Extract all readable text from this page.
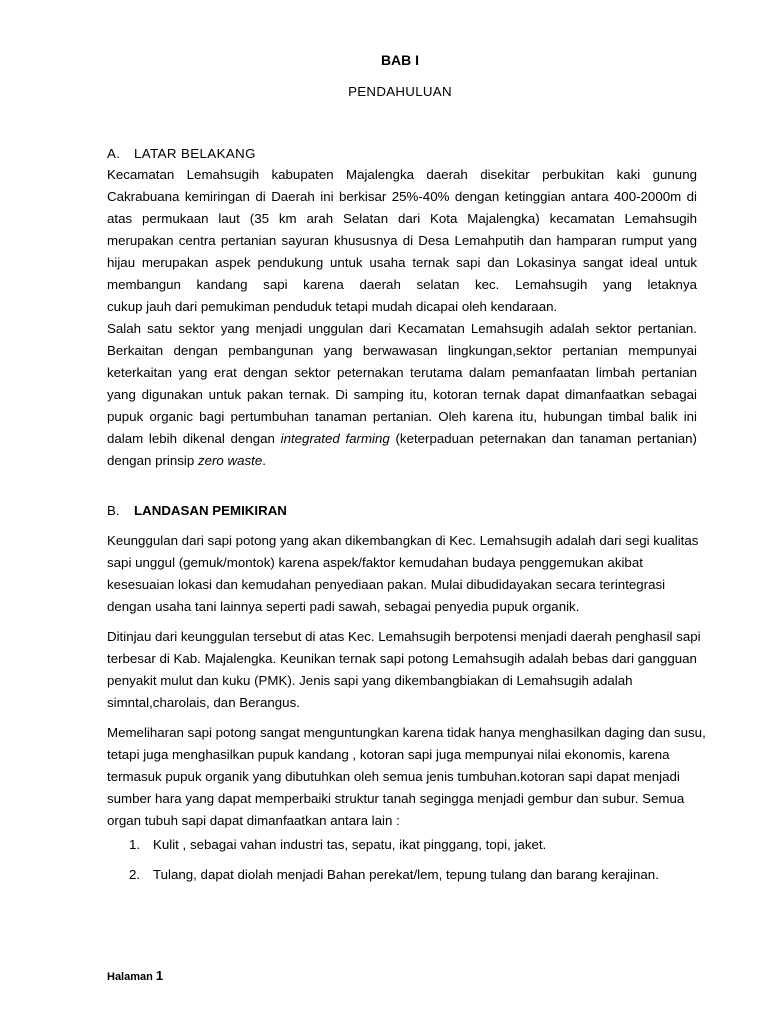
BAB I
PENDAHULUAN
A. LATAR BELAKANG

Kecamatan Lemahsugih kabupaten Majalengka daerah disekitar perbukitan kaki gunung Cakrabuana kemiringan di Daerah ini berkisar 25%-40% dengan ketinggian antara 400-2000m di atas permukaan laut (35 km arah Selatan dari Kota Majalengka) kecamatan Lemahsugih merupakan centra pertanian sayuran khususnya di Desa Lemahputih dan hamparan rumput yang hijau merupakan aspek pendukung untuk usaha ternak sapi dan Lokasinya sangat ideal untuk membangun kandang sapi karena daerah selatan kec. Lemahsugih yang letaknya

cukup jauh dari pemukiman penduduk tetapi mudah dicapai oleh kendaraan.

Salah satu sektor yang menjadi unggulan dari Kecamatan Lemahsugih adalah sektor pertanian. Berkaitan dengan pembangunan yang berwawasan lingkungan,sektor pertanian mempunyai keterkaitan yang erat dengan sektor peternakan terutama dalam pemanfaatan limbah pertanian yang digunakan untuk pakan ternak. Di samping itu, kotoran ternak dapat dimanfaatkan sebagai pupuk organic bagi pertumbuhan tanaman pertanian. Oleh karena itu, hubungan timbal balik ini dalam lebih dikenal dengan integrated farming (keterpaduan peternakan dan tanaman pertanian) dengan prinsip zero waste.

B. LANDASAN PEMIKIRAN

Keunggulan dari sapi potong yang akan dikembangkan di Kec. Lemahsugih adalah dari segi kualitas sapi unggul (gemuk/montok) karena aspek/faktor kemudahan budaya penggemukan akibat kesesuaian lokasi dan kemudahan penyediaan pakan. Mulai dibudidayakan secara terintegrasi dengan usaha tani lainnya seperti padi sawah, sebagai penyedia pupuk organik.

Ditinjau dari keunggulan tersebut di atas Kec. Lemahsugih berpotensi menjadi daerah penghasil sapi terbesar di Kab. Majalengka. Keunikan ternak sapi potong Lemahsugih adalah bebas dari gangguan penyakit mulut dan kuku (PMK). Jenis sapi yang dikembangbiakan di Lemahsugih adalah simntal,charolais, dan Berangus.

Memeliharan sapi potong sangat menguntungkan karena tidak hanya menghasilkan daging dan susu, tetapi juga menghasilkan pupuk kandang , kotoran sapi juga mempunyai nilai ekonomis, karena termasuk pupuk organik yang dibutuhkan oleh semua jenis tumbuhan.kotoran sapi dapat menjadi sumber hara yang dapat memperbaiki struktur tanah segingga menjadi gembur dan subur. Semua organ tubuh sapi dapat dimanfaatkan antara lain :

1. Kulit , sebagai vahan industri tas, sepatu, ikat pinggang, topi, jaket.
2. Tulang, dapat diolah menjadi Bahan perekat/lem, tepung tulang dan barang kerajinan.
Halaman 1
